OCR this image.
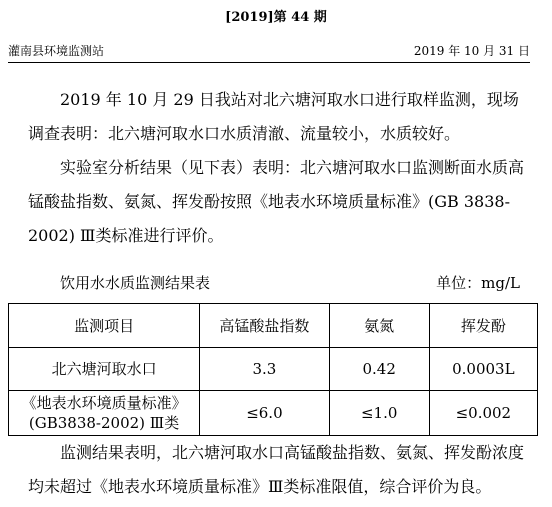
[2019]第 44 期
灌南县环境监测站	2019 年 10 月 31 日
2019 年 10 月 29 日我站对北六塘河取水口进行取样监测，现场调查表明：北六塘河取水口水质清澈、流量较小，水质较好。
实验室分析结果（见下表）表明：北六塘河取水口监测断面水质高锰酸盐指数、氨氮、挥发酚按照《地表水环境质量标准》(GB 3838-2002) Ⅲ类标准进行评价。
饮用水水质监测结果表	单位：mg/L
监测项目	高锰酸盐指数	氨氮	挥发酚
北六塘河取水口	3.3	0.42	0.0003L
《地表水环境质量标准》(GB3838-2002) Ⅲ类	≤6.0	≤1.0	≤0.002
监测结果表明，北六塘河取水口高锰酸盐指数、氨氮、挥发酚浓度均未超过《地表水环境质量标准》Ⅲ类标准限值，综合评价为良。
